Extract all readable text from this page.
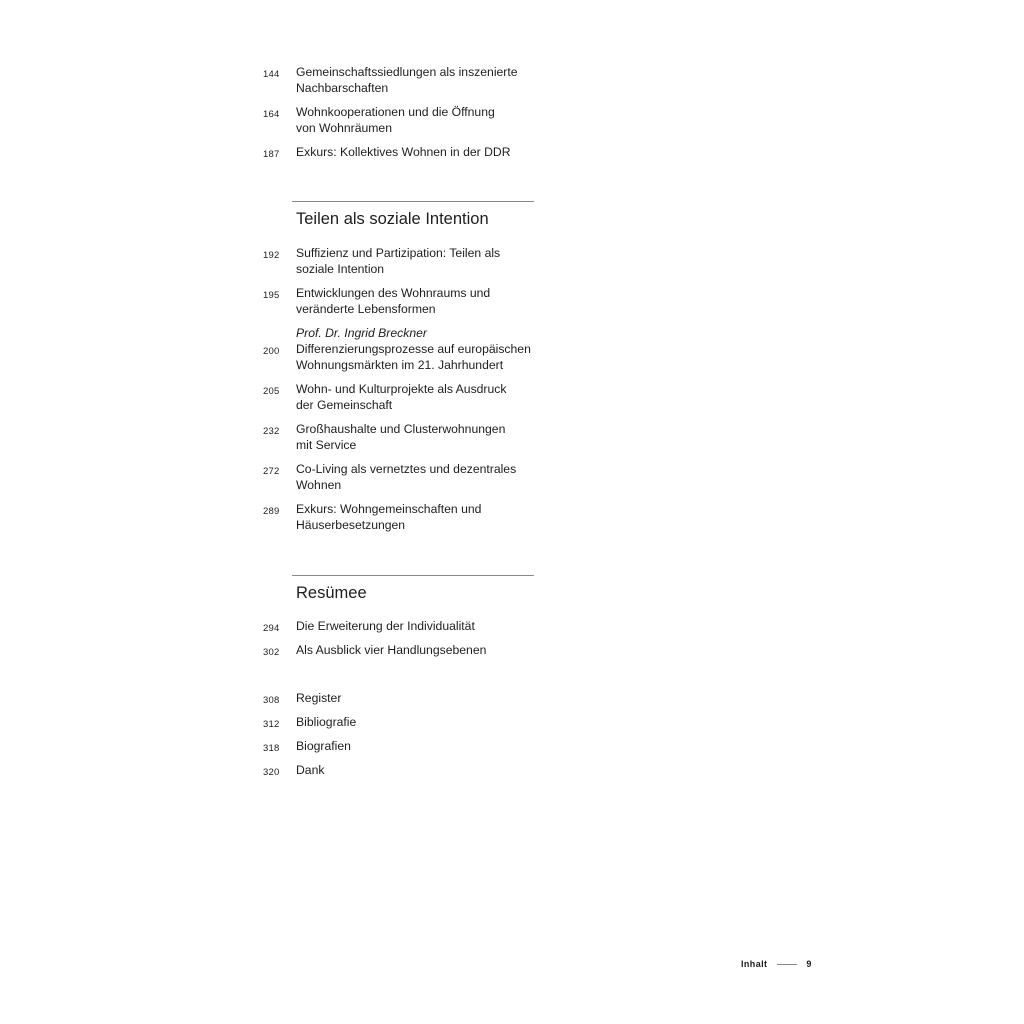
144 Gemeinschaftssiedlungen als inszenierte
Nachbarschaften
164 Wohnkooperationen und die Öffnung
von Wohnräumen
187 Exkurs: Kollektives Wohnen in der DDR
Teilen als soziale Intention
192 Suffizienz und Partizipation: Teilen als
soziale Intention
195 Entwicklungen des Wohnraums und
veränderte Lebensformen
200
Prof. Dr. Ingrid Breckner
Differenzierungsprozesse auf europäischen
Wohnungsmärkten im 21. Jahrhundert
205 Wohn- und Kulturprojekte als Ausdruck
der Gemeinschaft
232 Großhaushalte und Clusterwohnungen
mit Service
272 Co-Living als vernetztes und dezentrales
Wohnen
289 Exkurs: Wohngemeinschaften und
Häuserbesetzungen
Resümee
294 Die Erweiterung der Individualität
302 Als Ausblick vier Handlungsebenen
308 Register
312 Bibliografie
318 Biografien
320 Dank
Inhalt	9
